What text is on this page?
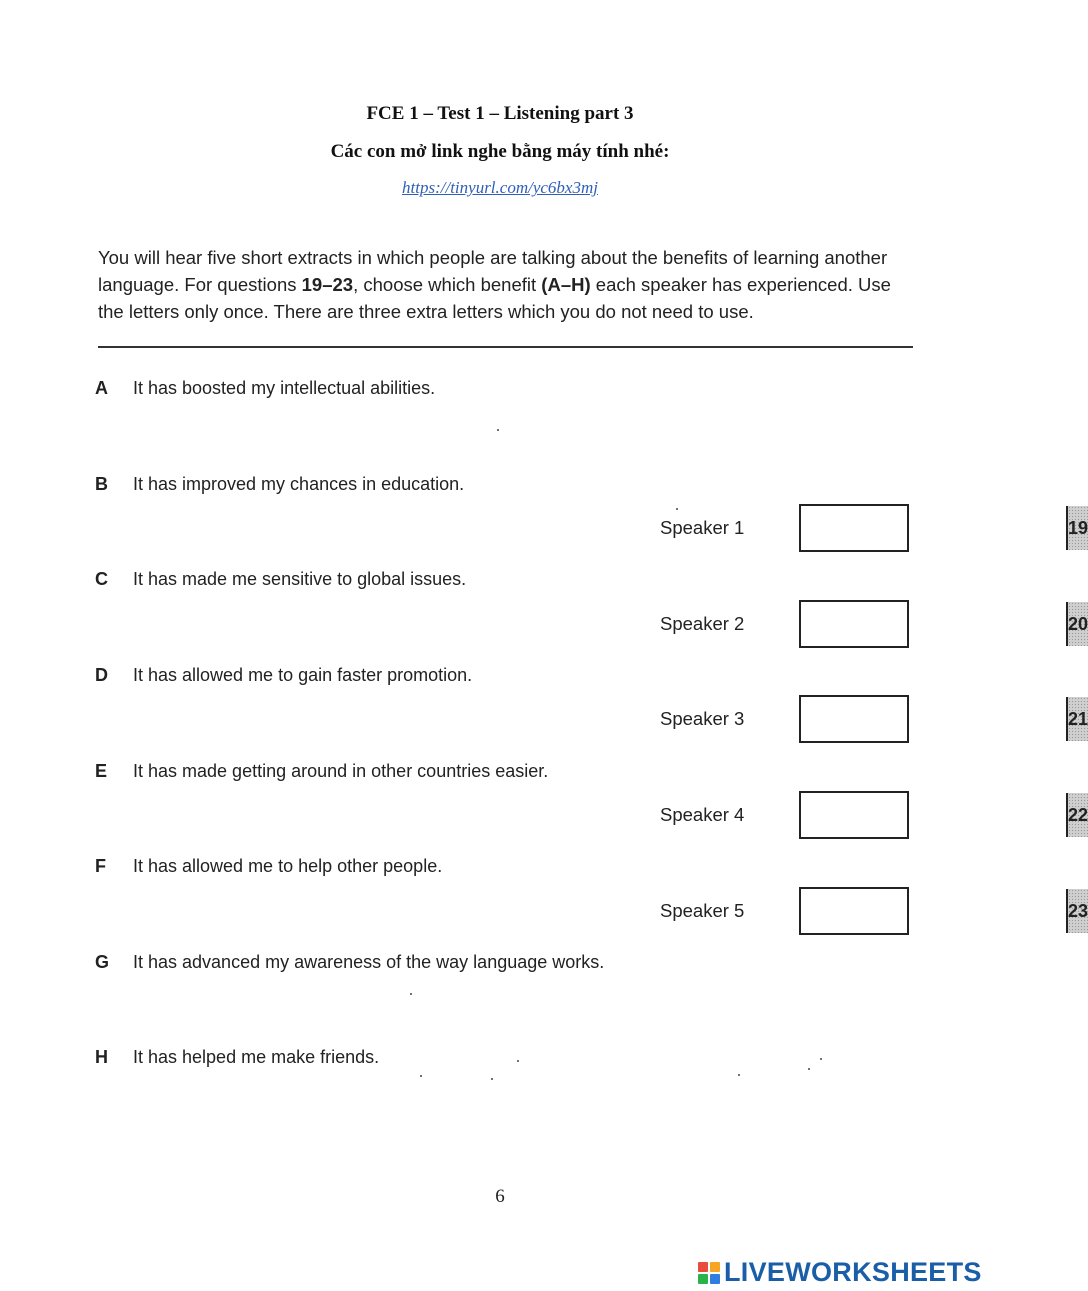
FCE 1 – Test 1 – Listening part 3
Các con mở link nghe bằng máy tính nhé:
https://tinyurl.com/yc6bx3mj
You will hear five short extracts in which people are talking about the benefits of learning another language. For questions 19–23, choose which benefit (A–H) each speaker has experienced. Use the letters only once. There are three extra letters which you do not need to use.
A It has boosted my intellectual abilities.
B It has improved my chances in education.
C It has made me sensitive to global issues.
D It has allowed me to gain faster promotion.
E It has made getting around in other countries easier.
F It has allowed me to help other people.
G It has advanced my awareness of the way language works.
H It has helped me make friends.
Speaker 1	19
Speaker 2	20
Speaker 3	21
Speaker 4	22
Speaker 5	23
6
LIVEWORKSHEETS
